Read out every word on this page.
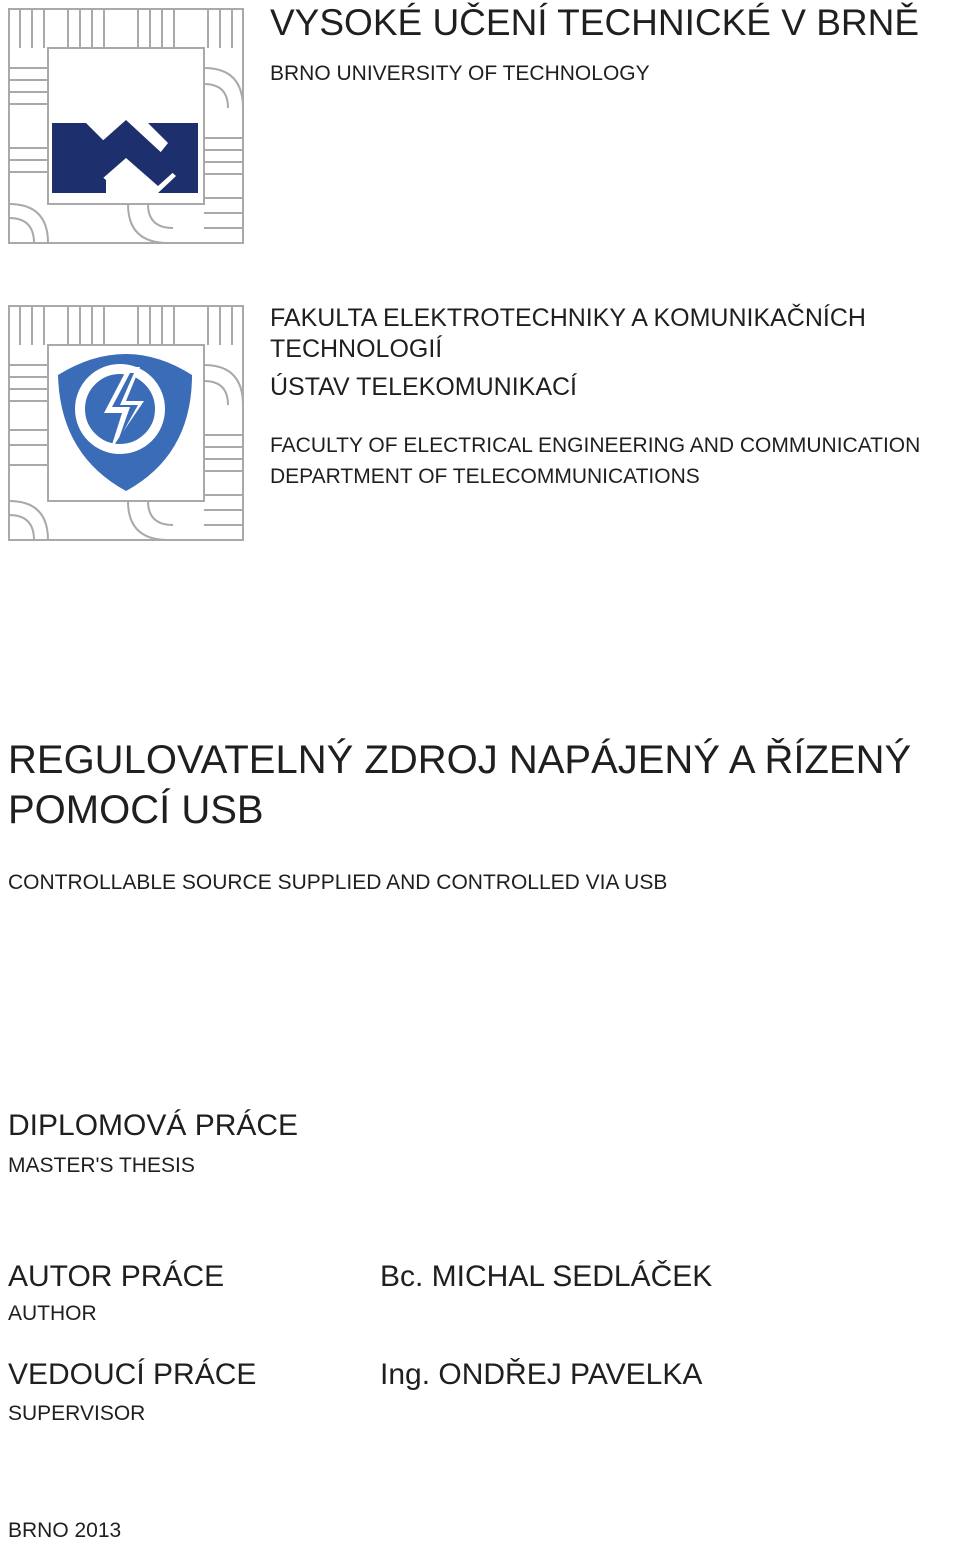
VYSOKÉ UČENÍ TECHNICKÉ V BRNĚ
BRNO UNIVERSITY OF TECHNOLOGY
FAKULTA ELEKTROTECHNIKY A KOMUNIKAČNÍCH
TECHNOLOGIÍ
ÚSTAV TELEKOMUNIKACÍ
FACULTY OF ELECTRICAL ENGINEERING AND COMMUNICATION
DEPARTMENT OF TELECOMMUNICATIONS
REGULOVATELNÝ ZDROJ NAPÁJENÝ A ŘÍZENÝ
POMOCÍ USB
CONTROLLABLE SOURCE SUPPLIED AND CONTROLLED VIA USB
DIPLOMOVÁ PRÁCE
MASTER'S THESIS
AUTOR PRÁCE
AUTHOR
Bc. MICHAL SEDLÁČEK
VEDOUCÍ PRÁCE
SUPERVISOR
Ing. ONDŘEJ PAVELKA
BRNO 2013
